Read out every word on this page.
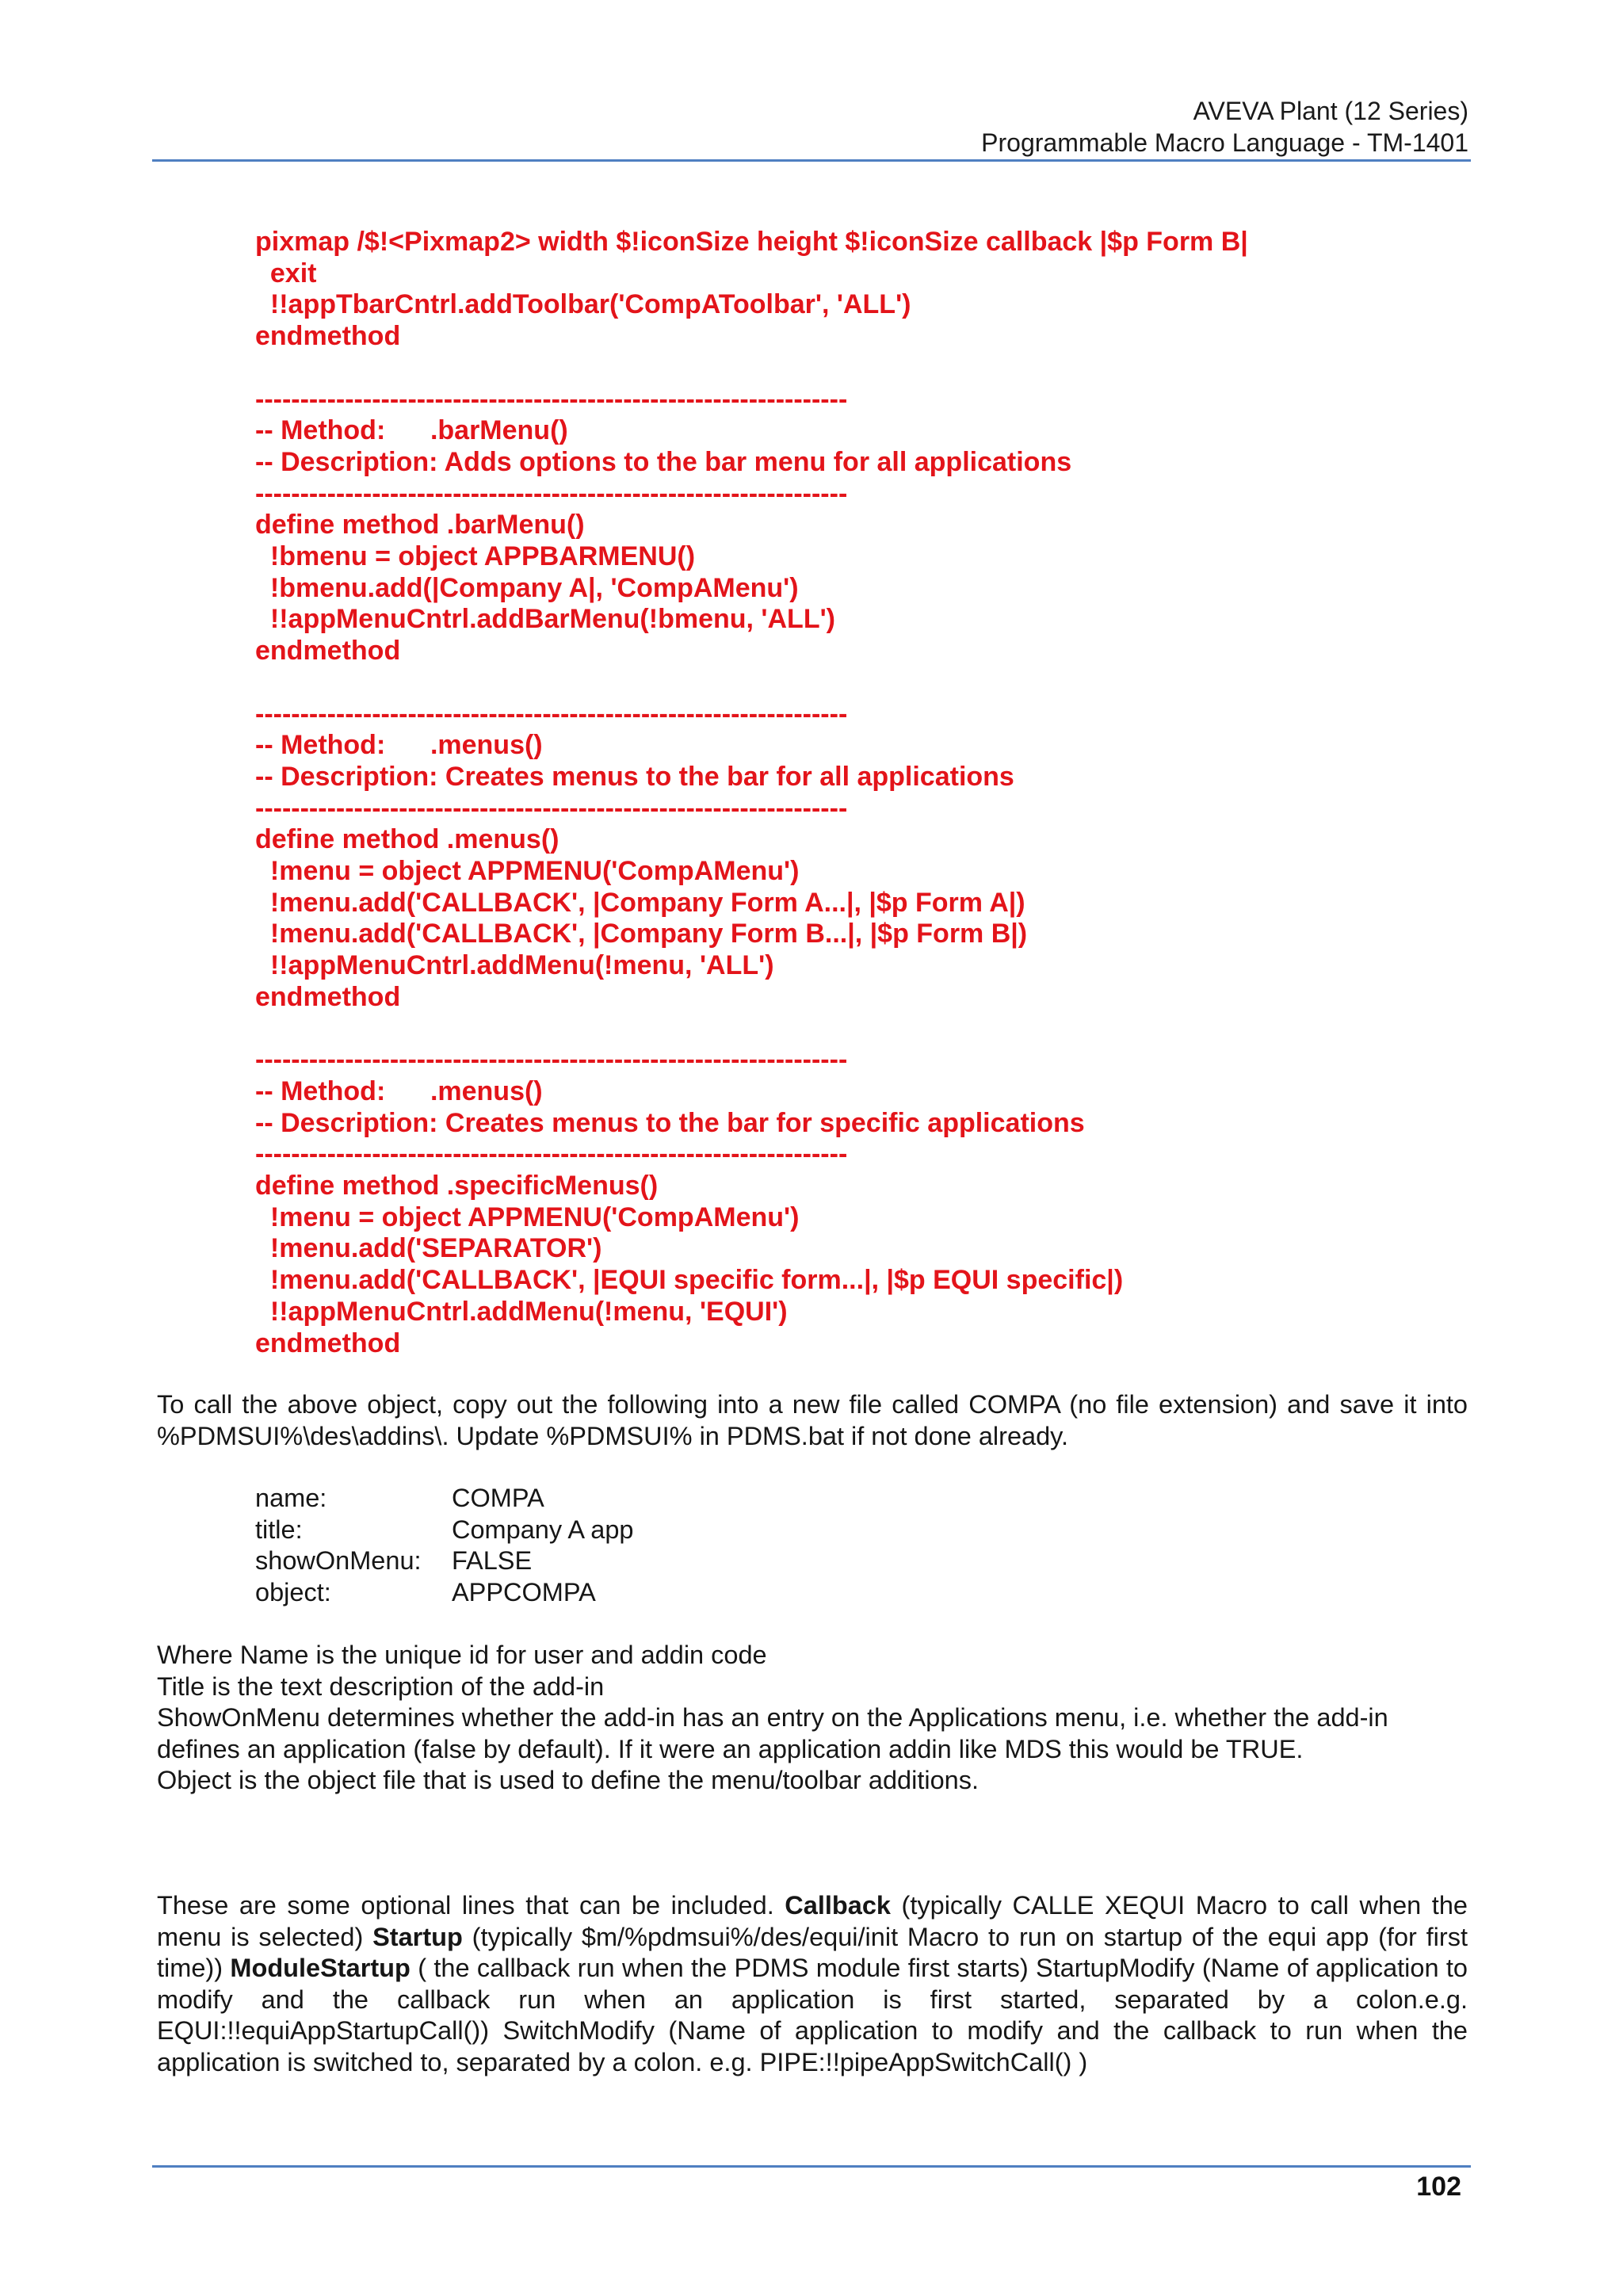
AVEVA Plant (12 Series)
Programmable Macro Language - TM-1401
pixmap /$!<Pixmap2> width $!iconSize height $!iconSize callback |$p Form B|
exit
!!appTbarCntrl.addToolbar('CompAToolbar', 'ALL')
endmethod
------------------------------------------------------------------
-- Method:      .barMenu()
-- Description: Adds options to the bar menu for all applications
------------------------------------------------------------------
define method .barMenu()
!bmenu = object APPBARMENU()
!bmenu.add(|Company A|, 'CompAMenu')
!!appMenuCntrl.addBarMenu(!bmenu, 'ALL')
endmethod
------------------------------------------------------------------
-- Method:      .menus()
-- Description: Creates menus to the bar for all applications
------------------------------------------------------------------
define method .menus()
!menu = object APPMENU('CompAMenu')
!menu.add('CALLBACK', |Company Form A...|, |$p Form A|)
!menu.add('CALLBACK', |Company Form B...|, |$p Form B|)
!!appMenuCntrl.addMenu(!menu, 'ALL')
endmethod
------------------------------------------------------------------
-- Method:      .menus()
-- Description: Creates menus to the bar for specific applications
------------------------------------------------------------------
define method .specificMenus()
!menu = object APPMENU('CompAMenu')
!menu.add('SEPARATOR')
!menu.add('CALLBACK', |EQUI specific form...|, |$p EQUI specific|)
!!appMenuCntrl.addMenu(!menu, 'EQUI')
endmethod
To call the above object, copy out the following into a new file called COMPA (no file extension) and save it into %PDMSUI%\des\addins\. Update %PDMSUI% in PDMS.bat if not done already.
name:	COMPA
title:	Company A app
showOnMenu:	FALSE
object:	APPCOMPA
Where Name is the unique id for user and addin code
Title is the text description of the add-in
ShowOnMenu determines whether the add-in has an entry on the Applications menu, i.e. whether the add-in defines an application (false by default). If it were an application addin like MDS this would be TRUE.
Object is the object file that is used to define the menu/toolbar additions.
These are some optional lines that can be included. Callback (typically CALLE XEQUI Macro to call when the menu is selected) Startup (typically $m/%pdmsui%/des/equi/init Macro to run on startup of the equi app (for first time)) ModuleStartup ( the callback run when the PDMS module first starts) StartupModify (Name of application to modify and the callback run when an application is first started, separated by a colon.e.g. EQUI:!!equiAppStartupCall()) SwitchModify (Name of application to modify and the callback to run when the application is switched to, separated by a colon. e.g. PIPE:!!pipeAppSwitchCall() )
102
